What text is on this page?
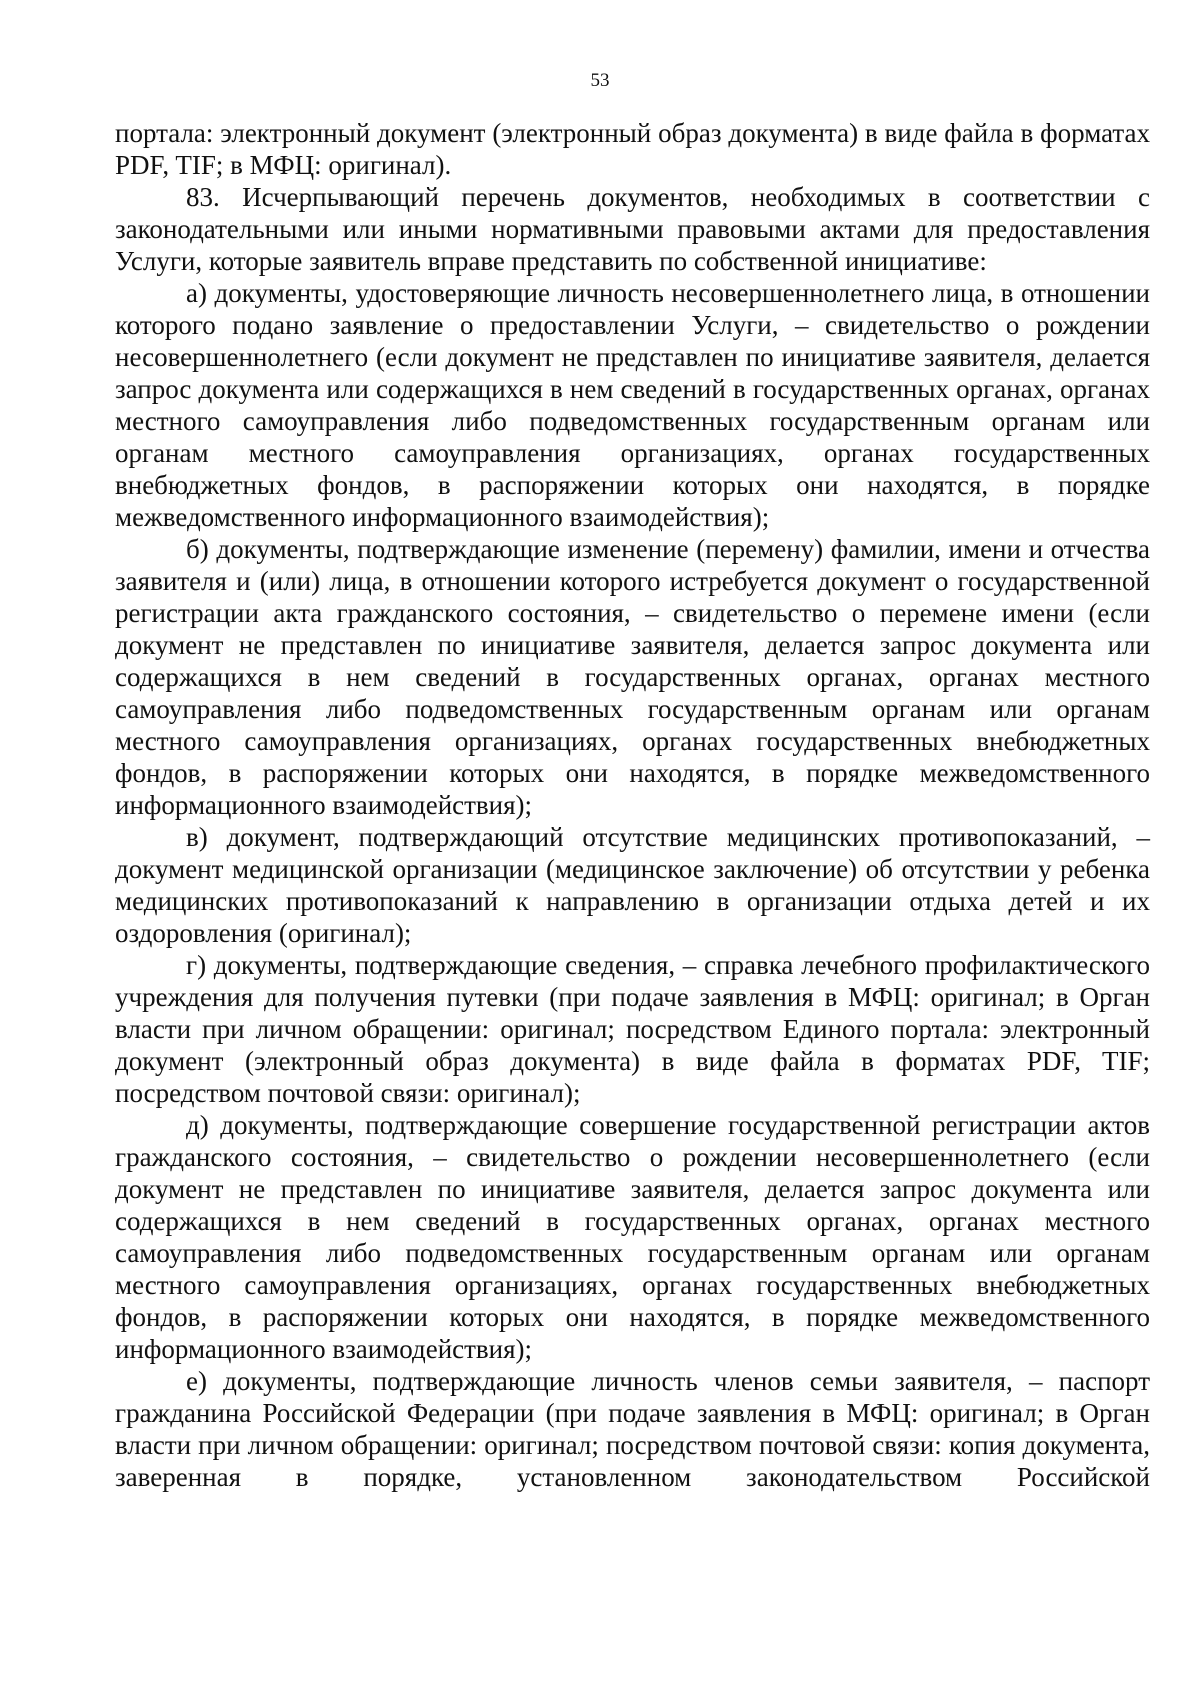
53

портала: электронный документ (электронный образ документа) в виде файла в форматах PDF, TIF; в МФЦ: оригинал).

83. Исчерпывающий перечень документов, необходимых в соответствии с законодательными или иными нормативными правовыми актами для предоставления Услуги, которые заявитель вправе представить по собственной инициативе:

а) документы, удостоверяющие личность несовершеннолетнего лица, в отношении которого подано заявление о предоставлении Услуги, – свидетельство о рождении несовершеннолетнего (если документ не представлен по инициативе заявителя, делается запрос документа или содержащихся в нем сведений в государственных органах, органах местного самоуправления либо подведомственных государственным органам или органам местного самоуправления организациях, органах государственных внебюджетных фондов, в распоряжении которых они находятся, в порядке межведомственного информационного взаимодействия);

б) документы, подтверждающие изменение (перемену) фамилии, имени и отчества заявителя и (или) лица, в отношении которого истребуется документ о государственной регистрации акта гражданского состояния, – свидетельство о перемене имени (если документ не представлен по инициативе заявителя, делается запрос документа или содержащихся в нем сведений в государственных органах, органах местного самоуправления либо подведомственных государственным органам или органам местного самоуправления организациях, органах государственных внебюджетных фондов, в распоряжении которых они находятся, в порядке межведомственного информационного взаимодействия);

в) документ, подтверждающий отсутствие медицинских противопоказаний, – документ медицинской организации (медицинское заключение) об отсутствии у ребенка медицинских противопоказаний к направлению в организации отдыха детей и их оздоровления (оригинал);

г) документы, подтверждающие сведения, – справка лечебного профилактического учреждения для получения путевки (при подаче заявления в МФЦ: оригинал; в Орган власти при личном обращении: оригинал; посредством Единого портала: электронный документ (электронный образ документа) в виде файла в форматах PDF, TIF; посредством почтовой связи: оригинал);

д) документы, подтверждающие совершение государственной регистрации актов гражданского состояния, – свидетельство о рождении несовершеннолетнего (если документ не представлен по инициативе заявителя, делается запрос документа или содержащихся в нем сведений в государственных органах, органах местного самоуправления либо подведомственных государственным органам или органам местного самоуправления организациях, органах государственных внебюджетных фондов, в распоряжении которых они находятся, в порядке межведомственного информационного взаимодействия);

е) документы, подтверждающие личность членов семьи заявителя, – паспорт гражданина Российской Федерации (при подаче заявления в МФЦ: оригинал; в Орган власти при личном обращении: оригинал; посредством почтовой связи: копия документа, заверенная в порядке, установленном законодательством Российской
